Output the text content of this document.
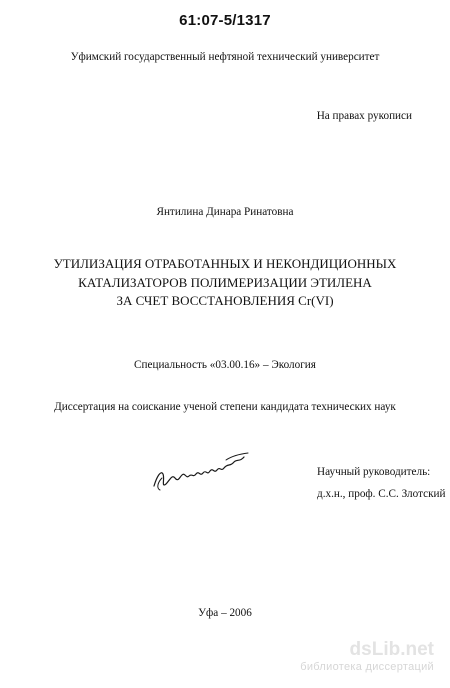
61:07-5/1317
Уфимский государственный нефтяной технический университет
На правах рукописи
Янтилина Динара Ринатовна
УТИЛИЗАЦИЯ ОТРАБОТАННЫХ И НЕКОНДИЦИОННЫХ
КАТАЛИЗАТОРОВ ПОЛИМЕРИЗАЦИИ ЭТИЛЕНА
ЗА СЧЕТ ВОССТАНОВЛЕНИЯ Cr(VI)
Специальность «03.00.16» – Экология
Диссертация на соискание ученой степени кандидата технических наук
Научный руководитель:
д.х.н., проф. С.С. Злотский
Уфа – 2006
dsLib.net
библиотека диссертаций
